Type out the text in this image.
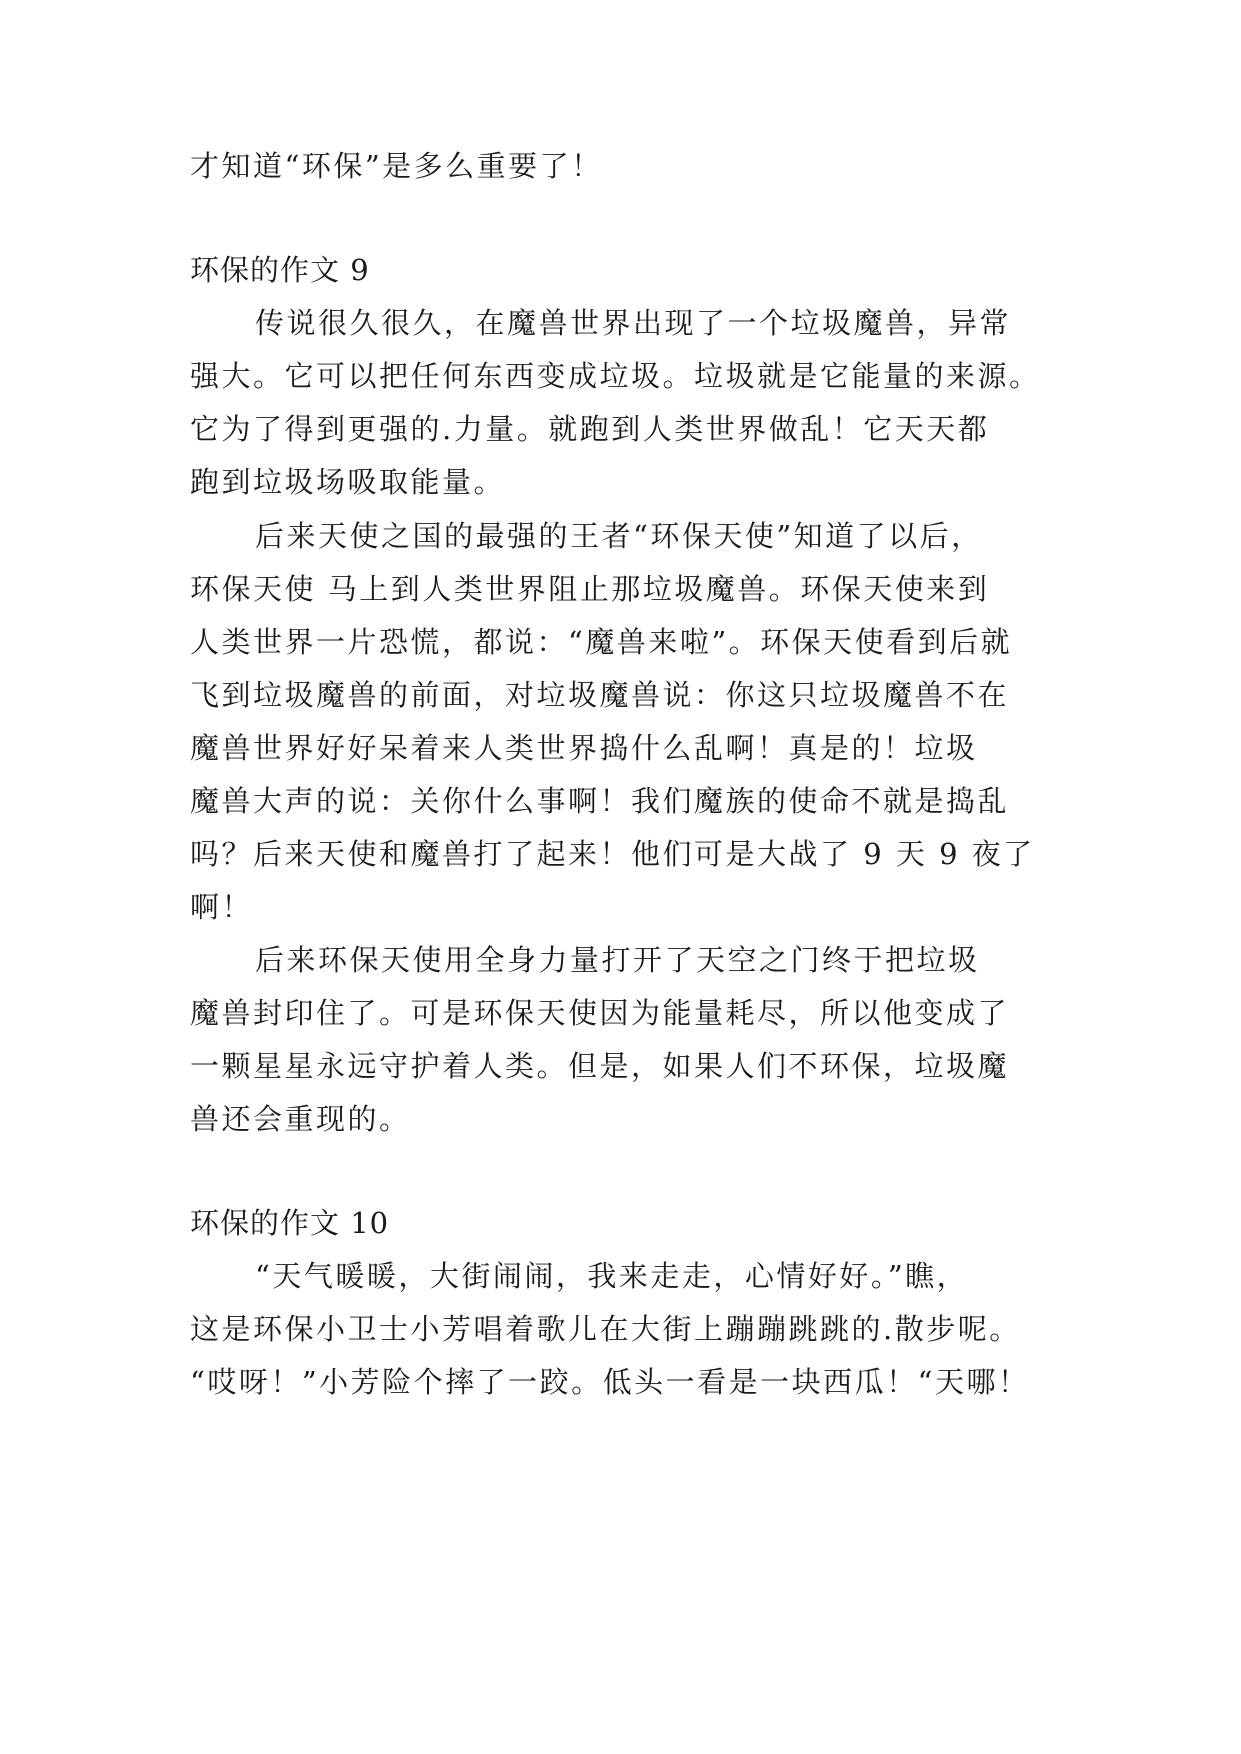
才知道“环保”是多么重要了！
环保的作文 9
传说很久很久，在魔兽世界出现了一个垃圾魔兽，异常
强大。它可以把任何东西变成垃圾。垃圾就是它能量的来源。
它为了得到更强的.力量。就跑到人类世界做乱！它天天都
跑到垃圾场吸取能量。
后来天使之国的最强的王者“环保天使”知道了以后，
环保天使 马上到人类世界阻止那垃圾魔兽。环保天使来到
人类世界一片恐慌，都说：“魔兽来啦”。环保天使看到后就
飞到垃圾魔兽的前面，对垃圾魔兽说：你这只垃圾魔兽不在
魔兽世界好好呆着来人类世界捣什么乱啊！真是的！垃圾
魔兽大声的说：关你什么事啊！我们魔族的使命不就是捣乱
吗？后来天使和魔兽打了起来！他们可是大战了 9 天 9 夜了
啊！
后来环保天使用全身力量打开了天空之门终于把垃圾
魔兽封印住了。可是环保天使因为能量耗尽，所以他变成了
一颗星星永远守护着人类。但是，如果人们不环保，垃圾魔
兽还会重现的。
环保的作文 10
“天气暖暖，大街闹闹，我来走走，心情好好。”瞧，
这是环保小卫士小芳唱着歌儿在大街上蹦蹦跳跳的.散步呢。
“哎呀！”小芳险个摔了一跤。低头一看是一块西瓜！“天哪！
